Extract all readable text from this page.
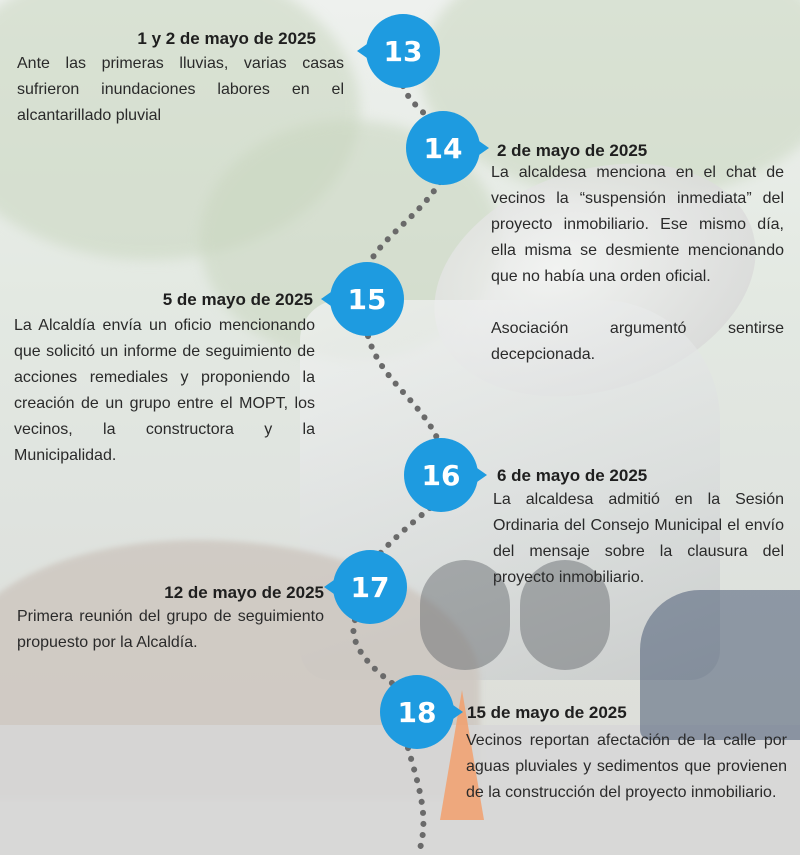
13
1 y 2 de mayo de 2025

Ante las primeras lluvias, varias casas sufrieron inundaciones labores en el alcantarillado pluvial

14 2 de mayo de 2025

La alcaldesa menciona en el chat de vecinos la “suspensión inmediata” del proyecto inmobiliario. Ese mismo día, ella misma se desmiente mencionando que no había una orden oficial.

Asociación argumentó sentirse decepcionada.

15
5 de mayo de 2025

La Alcaldía envía un oficio mencionando que solicitó un informe de seguimiento de acciones remediales y proponiendo la creación de un grupo entre el MOPT, los vecinos, la constructora y la Municipalidad.

16 6 de mayo de 2025

La alcaldesa admitió en la Sesión Ordinaria del Consejo Municipal el envío del mensaje sobre la clausura del proyecto inmobiliario.

17
12 de mayo de 2025

Primera reunión del grupo de seguimiento propuesto por la Alcaldía.

18 15 de mayo de 2025

Vecinos reportan afectación de la calle por aguas pluviales y sedimentos que provienen de la construcción del proyecto inmobiliario.
